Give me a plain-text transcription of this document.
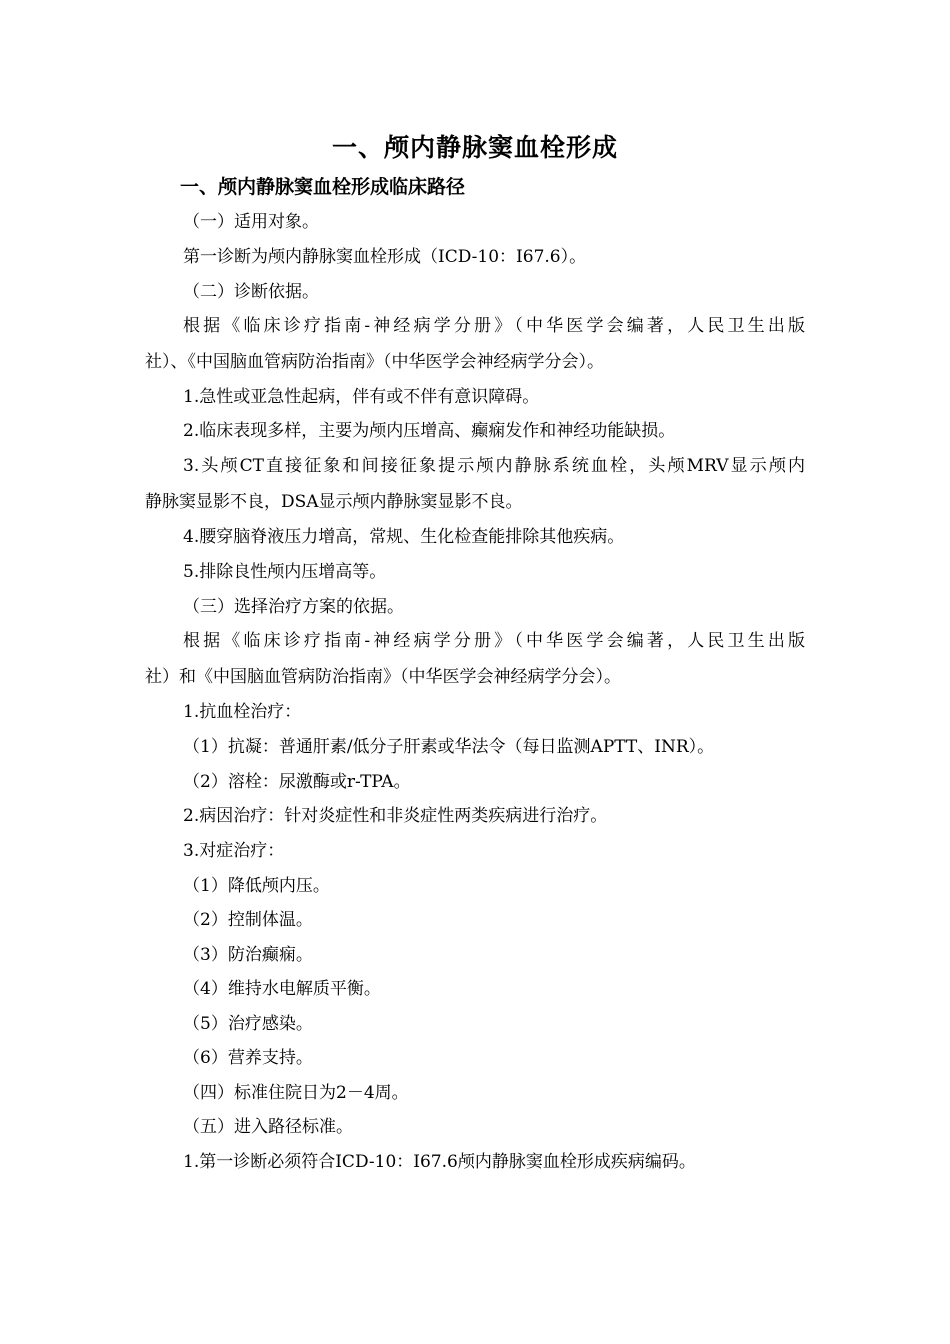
一、颅内静脉窦血栓形成
一、颅内静脉窦血栓形成临床路径
（一）适用对象。
第一诊断为颅内静脉窦血栓形成（ICD-10：I67.6）。
（二）诊断依据。
根据《临床诊疗指南-神经病学分册》（中华医学会编著，人民卫生出版
社）、《中国脑血管病防治指南》（中华医学会神经病学分会）。
1.急性或亚急性起病，伴有或不伴有意识障碍。
2.临床表现多样，主要为颅内压增高、癫痫发作和神经功能缺损。
3.头颅CT直接征象和间接征象提示颅内静脉系统血栓，头颅MRV显示颅内
静脉窦显影不良，DSA显示颅内静脉窦显影不良。
4.腰穿脑脊液压力增高，常规、生化检查能排除其他疾病。
5.排除良性颅内压增高等。
（三）选择治疗方案的依据。
根据《临床诊疗指南-神经病学分册》（中华医学会编著，人民卫生出版
社）和《中国脑血管病防治指南》（中华医学会神经病学分会）。
1.抗血栓治疗：
（1）抗凝：普通肝素/低分子肝素或华法令（每日监测APTT、INR）。
（2）溶栓：尿激酶或r-TPA。
2.病因治疗：针对炎症性和非炎症性两类疾病进行治疗。
3.对症治疗：
（1）降低颅内压。
（2）控制体温。
（3）防治癫痫。
（4）维持水电解质平衡。
（5）治疗感染。
（6）营养支持。
（四）标准住院日为2－4周。
（五）进入路径标准。
1.第一诊断必须符合ICD-10：I67.6颅内静脉窦血栓形成疾病编码。
